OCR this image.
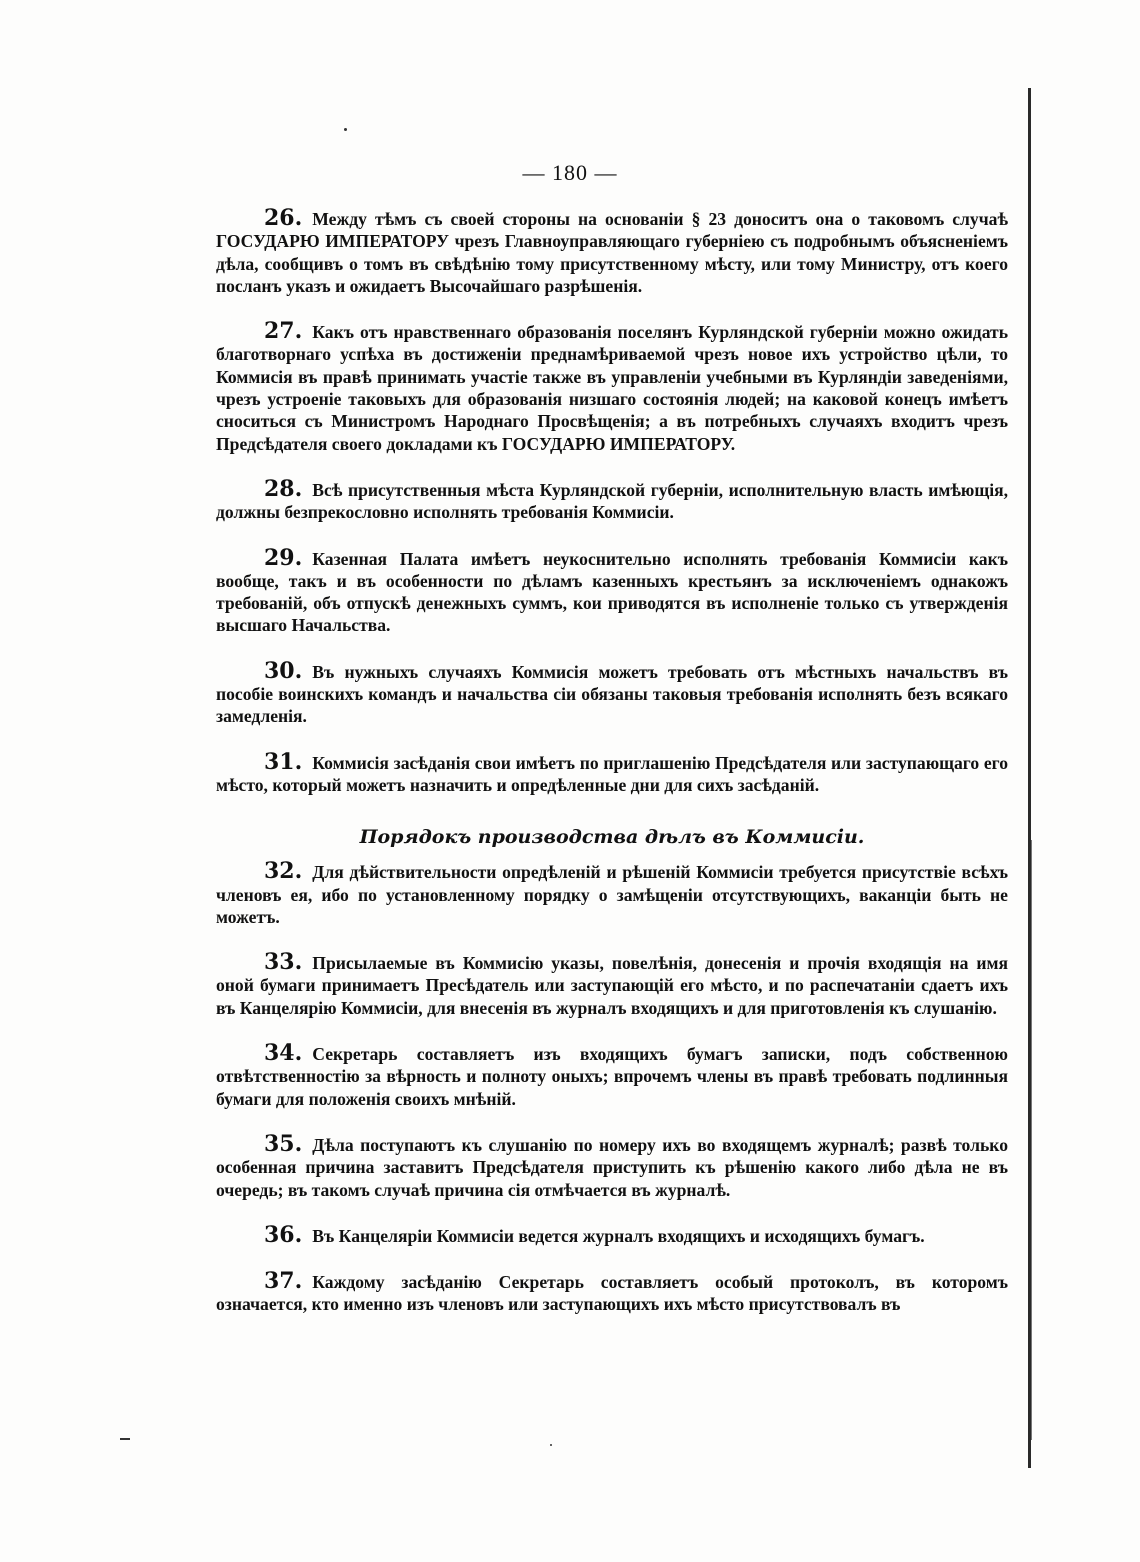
— 180 —

26. Между тѣмъ съ своей стороны на основаніи § 23 доноситъ она о таковомъ случаѣ ГОСУДАРЮ ИМПЕРАТОРУ чрезъ Главноуправляющаго губерніею съ подробнымъ объясненіемъ дѣла, сообщивъ о томъ въ свѣдѣнію тому присутственному мѣсту, или тому Министру, отъ коего посланъ указъ и ожидаетъ Высочайшаго разрѣшенія.

27. Какъ отъ нравственнаго образованія поселянъ Курляндской губерніи можно ожидать благотворнаго успѣха въ достиженіи преднамѣриваемой чрезъ новое ихъ устройство цѣли, то Коммисія въ правѣ принимать участіе также въ управленіи учебными въ Курляндіи заведеніями, чрезъ устроеніе таковыхъ для образованія низшаго состоянія людей; на каковой конецъ имѣетъ сноситься съ Министромъ Народнаго Просвѣщенія; а въ потребныхъ случаяхъ входитъ чрезъ Предсѣдателя своего докладами къ ГОСУДАРЮ ИМПЕРАТОРУ.

28. Всѣ присутственныя мѣста Курляндской губерніи, исполнительную власть имѣющія, должны безпрекословно исполнять требованія Коммисіи.

29. Казенная Палата имѣетъ неукоснительно исполнять требованія Коммисіи какъ вообще, такъ и въ особенности по дѣламъ казенныхъ крестьянъ за исключеніемъ однакожъ требованій, объ отпускѣ денежныхъ суммъ, кои приводятся въ исполненіе только съ утвержденія высшаго Начальства.

30. Въ нужныхъ случаяхъ Коммисія можетъ требовать отъ мѣстныхъ начальствъ въ пособіе воинскихъ командъ и начальства сіи обязаны таковыя требованія исполнять безъ всякаго замедленія.

31. Коммисія засѣданія свои имѣетъ по приглашенію Предсѣдателя или заступающаго его мѣсто, который можетъ назначить и опредѣленные дни для сихъ засѣданій.

Порядокъ производства дѣлъ въ Коммисіи.

32. Для дѣйствительности опредѣленій и рѣшеній Коммисіи требуется присутствіе всѣхъ членовъ ея, ибо по установленному порядку о замѣщеніи отсутствующихъ, ваканціи быть не можетъ.

33. Присылаемые въ Коммисію указы, повелѣнія, донесенія и прочія входящія на имя оной бумаги принимаетъ Пресѣдатель или заступающій его мѣсто, и по распечатаніи сдаетъ ихъ въ Канцелярію Коммисіи, для внесенія въ журналъ входящихъ и для приготовленія къ слушанію.

34. Секретарь составляетъ изъ входящихъ бумагъ записки, подъ собственною отвѣтственностію за вѣрность и полноту оныхъ; впрочемъ члены въ правѣ требовать подлинныя бумаги для положенія своихъ мнѣній.

35. Дѣла поступаютъ къ слушанію по номеру ихъ во входящемъ журналѣ; развѣ только особенная причина заставитъ Предсѣдателя приступить къ рѣшенію какого либо дѣла не въ очередь; въ такомъ случаѣ причина сія отмѣчается въ журналѣ.

36. Въ Канцеляріи Коммисіи ведется журналъ входящихъ и исходящихъ бумагъ.

37. Каждому засѣданію Секретарь составляетъ особый протоколъ, въ которомъ означается, кто именно изъ членовъ или заступающихъ ихъ мѣсто присутствовалъ въ
